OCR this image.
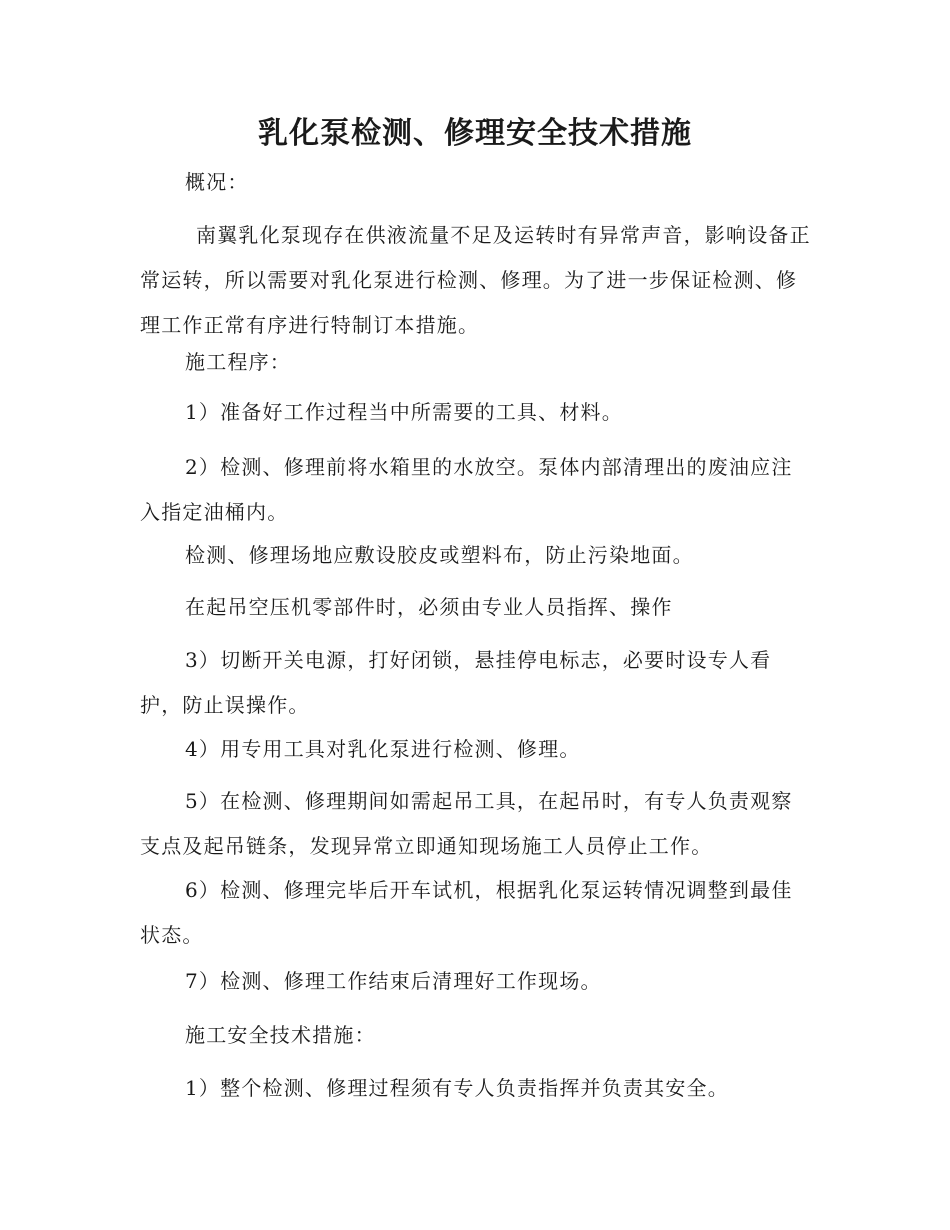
乳化泵检测、修理安全技术措施

概况：

南翼乳化泵现存在供液流量不足及运转时有异常声音，影响设备正常运转，所以需要对乳化泵进行检测、修理。为了进一步保证检测、修理工作正常有序进行特制订本措施。

施工程序：

1）准备好工作过程当中所需要的工具、材料。

2）检测、修理前将水箱里的水放空。泵体内部清理出的废油应注入指定油桶内。

检测、修理场地应敷设胶皮或塑料布，防止污染地面。

在起吊空压机零部件时，必须由专业人员指挥、操作

3）切断开关电源，打好闭锁，悬挂停电标志，必要时设专人看护，防止误操作。

4）用专用工具对乳化泵进行检测、修理。

5）在检测、修理期间如需起吊工具，在起吊时，有专人负责观察支点及起吊链条，发现异常立即通知现场施工人员停止工作。

6）检测、修理完毕后开车试机，根据乳化泵运转情况调整到最佳状态。

7）检测、修理工作结束后清理好工作现场。

施工安全技术措施：

1）整个检测、修理过程须有专人负责指挥并负责其安全。
